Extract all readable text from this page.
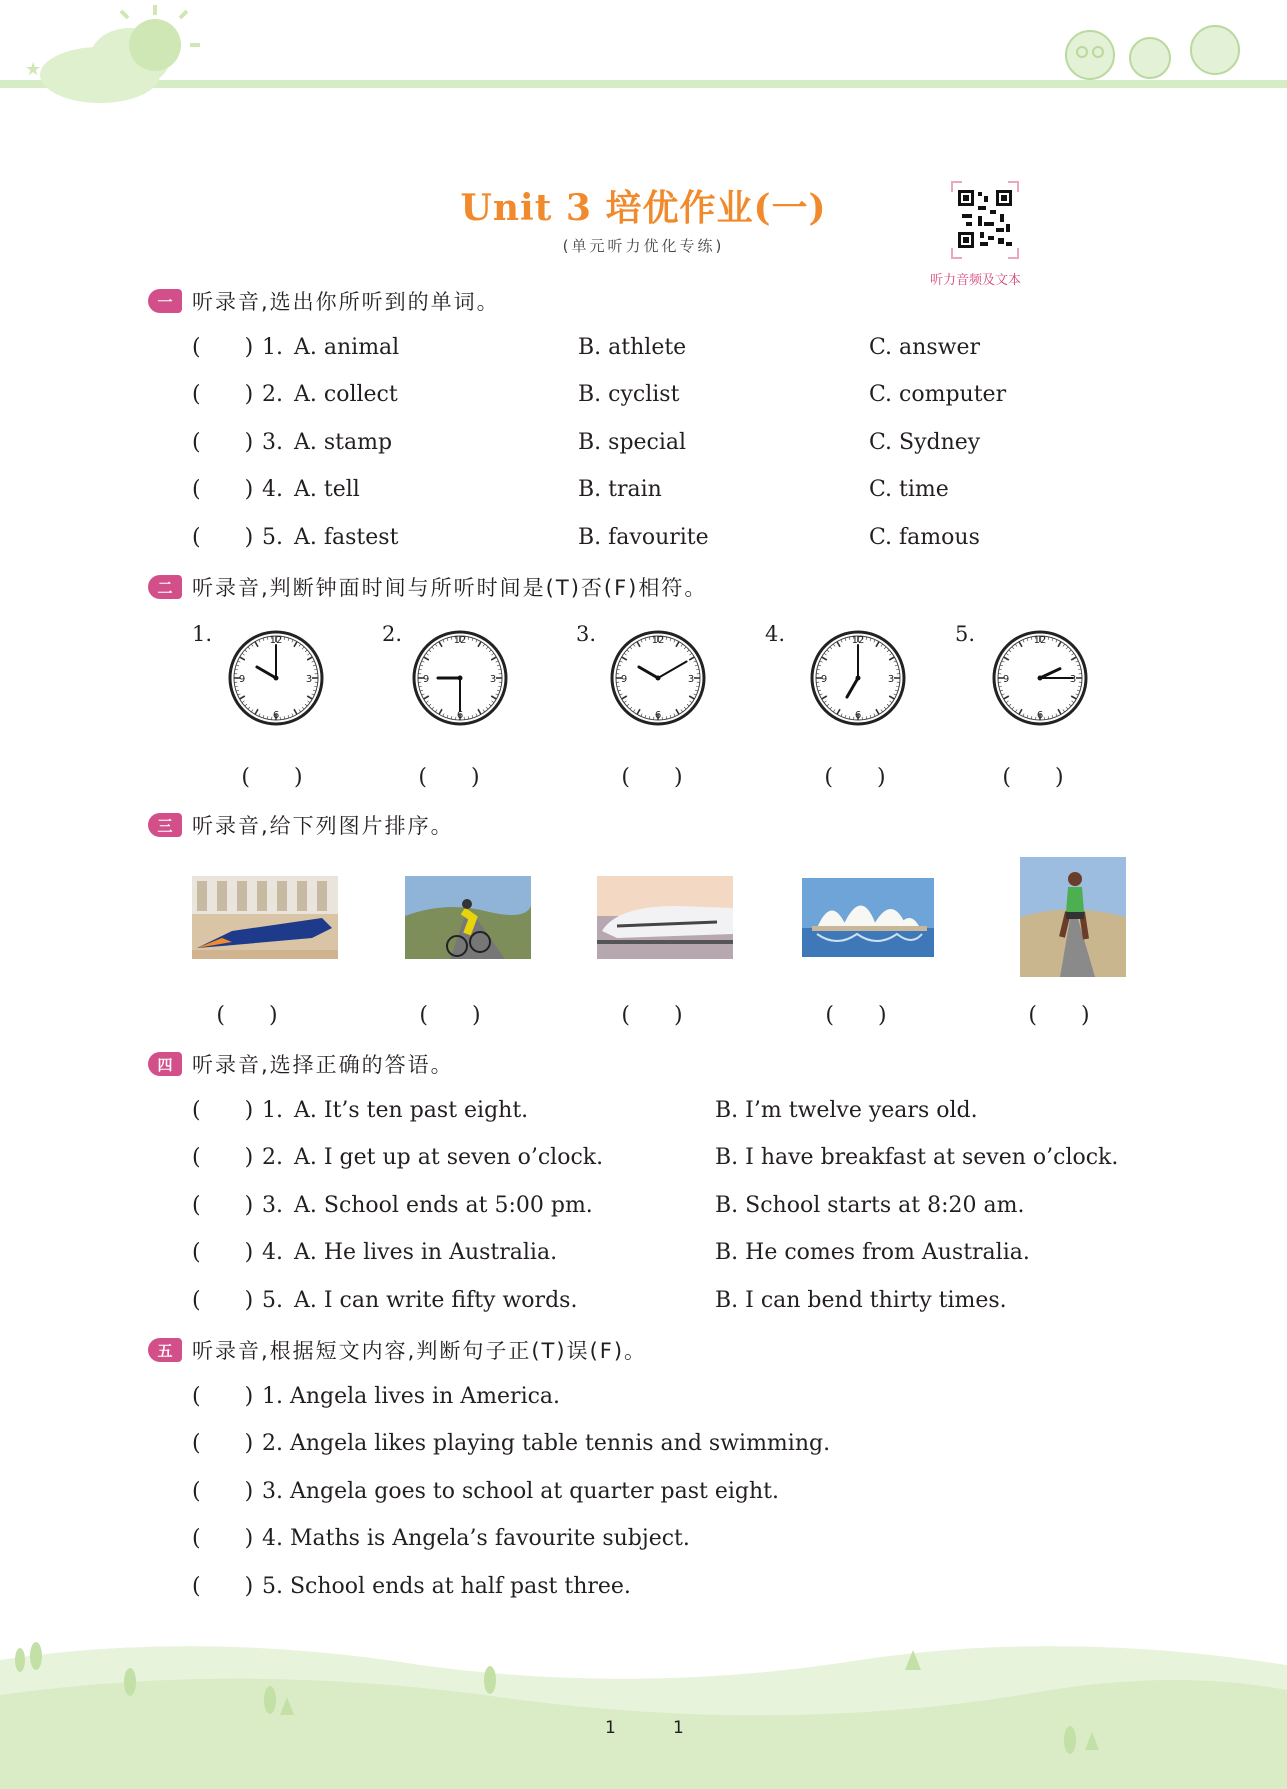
★
Unit 3 培优作业(一)
(单元听力优化专练)
听力音频及文本
一 听录音,选出你所听到的单词。
(　　) 1. A. animal	B. athlete	C. answer
(　　) 2. A. collect	B. cyclist	C. computer
(　　) 3. A. stamp	B. special	C. Sydney
(　　) 4. A. tell	B. train	C. time
(　　) 5. A. fastest	B. favourite	C. famous
二 听录音,判断钟面时间与所听时间是(T)否(F)相符。
1.	12
3
6
9
(　　)
2.	12
3
6
9
(　　)
3.	12
3
6
9
(　　)
4.	12
3
6
9
(　　)
5.	12
3
6
9
(　　)
三 听录音,给下列图片排序。
(　　)	(　　)	(　　)	(　　)	(　　)
四 听录音,选择正确的答语。
(　　) 1. A. It’s ten past eight.	B. I’m twelve years old.
(　　) 2. A. I get up at seven o’clock.	B. I have breakfast at seven o’clock.
(　　) 3. A. School ends at 5:00 pm.	B. School starts at 8:20 am.
(　　) 4. A. He lives in Australia.	B. He comes from Australia.
(　　) 5. A. I can write fifty words.	B. I can bend thirty times.
五 听录音,根据短文内容,判断句子正(T)误(F)。
(　　) 1. Angela lives in America.
(　　) 2. Angela likes playing table tennis and swimming.
(　　) 3. Angela goes to school at quarter past eight.
(　　) 4. Maths is Angela’s favourite subject.
(　　) 5. School ends at half past three.
1	1
